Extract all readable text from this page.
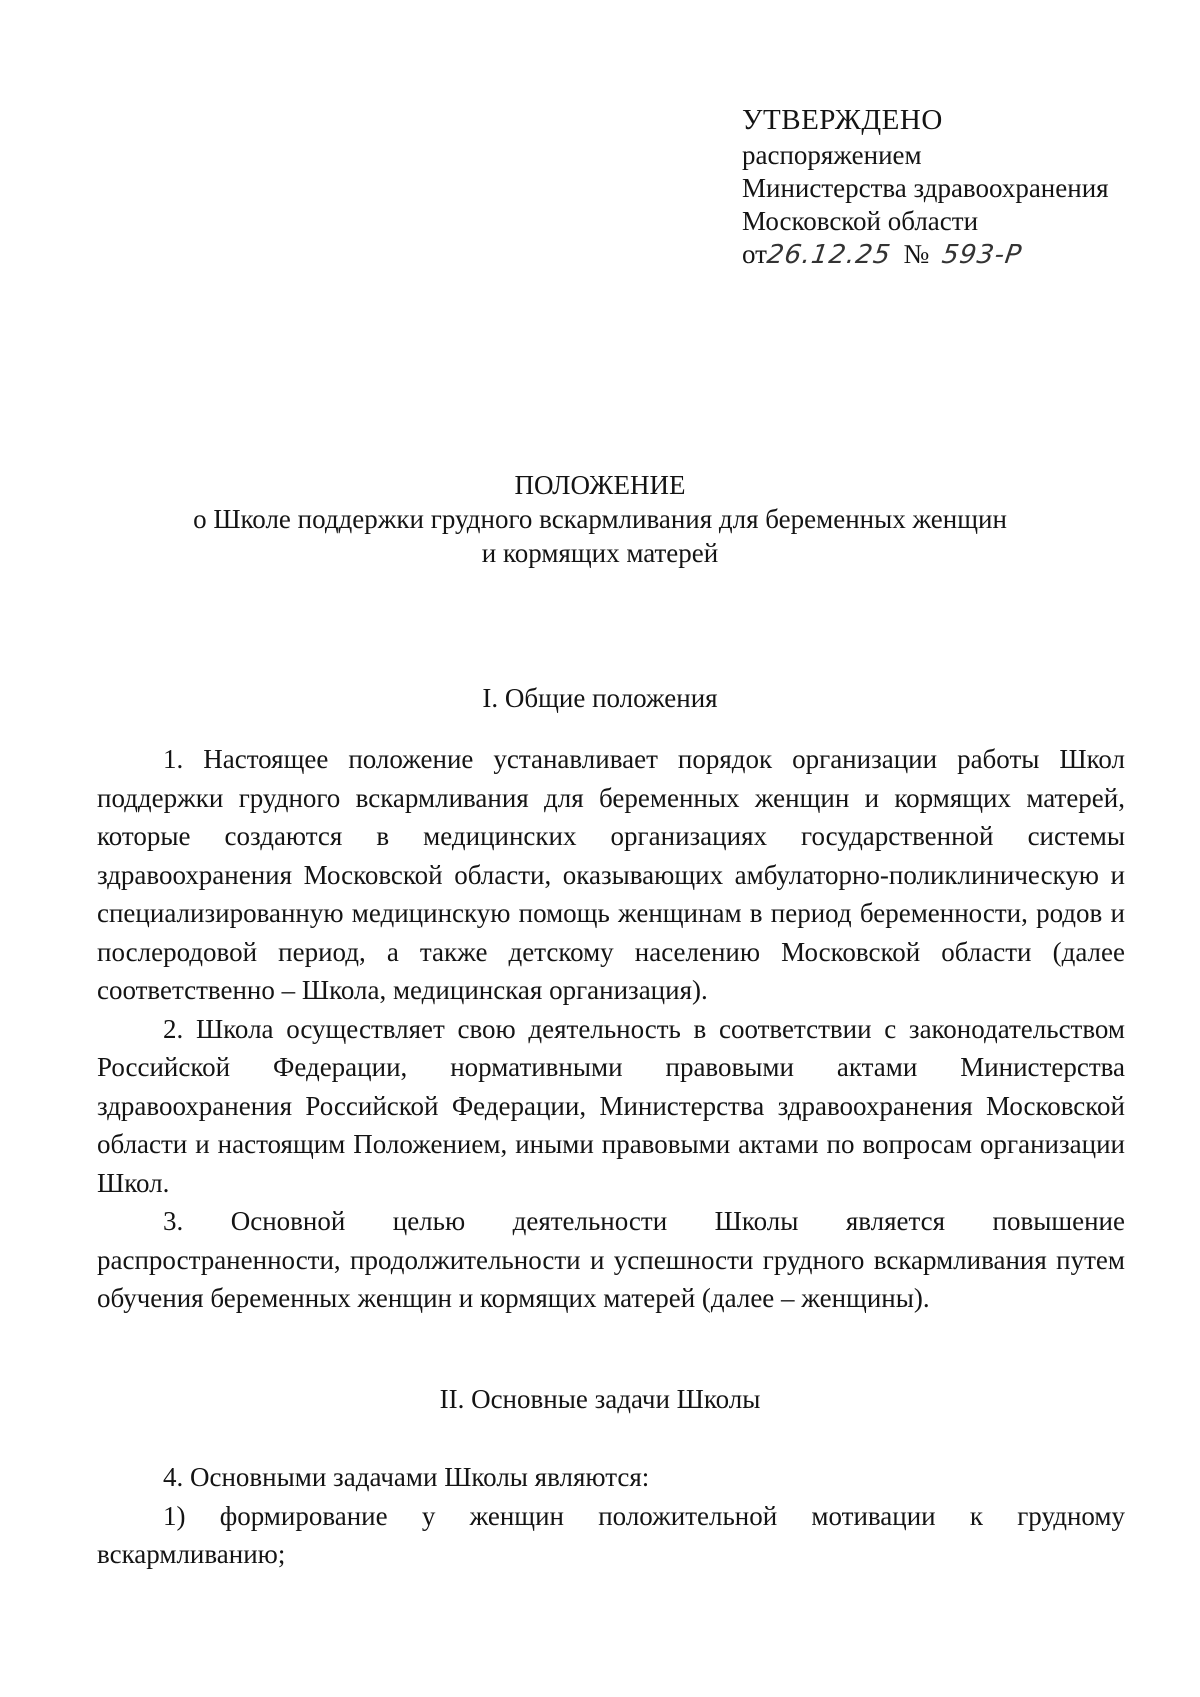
УТВЕРЖДЕНО
распоряжением
Министерства здравоохранения
Московской области
от26.12.25 № 593-Р
ПОЛОЖЕНИЕ
о Школе поддержки грудного вскармливания для беременных женщин
и кормящих матерей
I. Общие положения

1. Настоящее положение устанавливает порядок организации работы Школ поддержки грудного вскармливания для беременных женщин и кормящих матерей, которые создаются в медицинских организациях государственной системы здравоохранения Московской области, оказывающих амбулаторно-поликлиническую и специализированную медицинскую помощь женщинам в период беременности, родов и послеродовой период, а также детскому населению Московской области (далее соответственно – Школа, медицинская организация).

2. Школа осуществляет свою деятельность в соответствии с законодательством Российской Федерации, нормативными правовыми актами Министерства здравоохранения Российской Федерации, Министерства здравоохранения Московской области и настоящим Положением, иными правовыми актами по вопросам организации Школ.

3. Основной целью деятельности Школы является повышение распространенности, продолжительности и успешности грудного вскармливания путем обучения беременных женщин и кормящих матерей (далее – женщины).

II. Основные задачи Школы

4. Основными задачами Школы являются:

1) формирование у женщин положительной мотивации к грудному вскармливанию;
